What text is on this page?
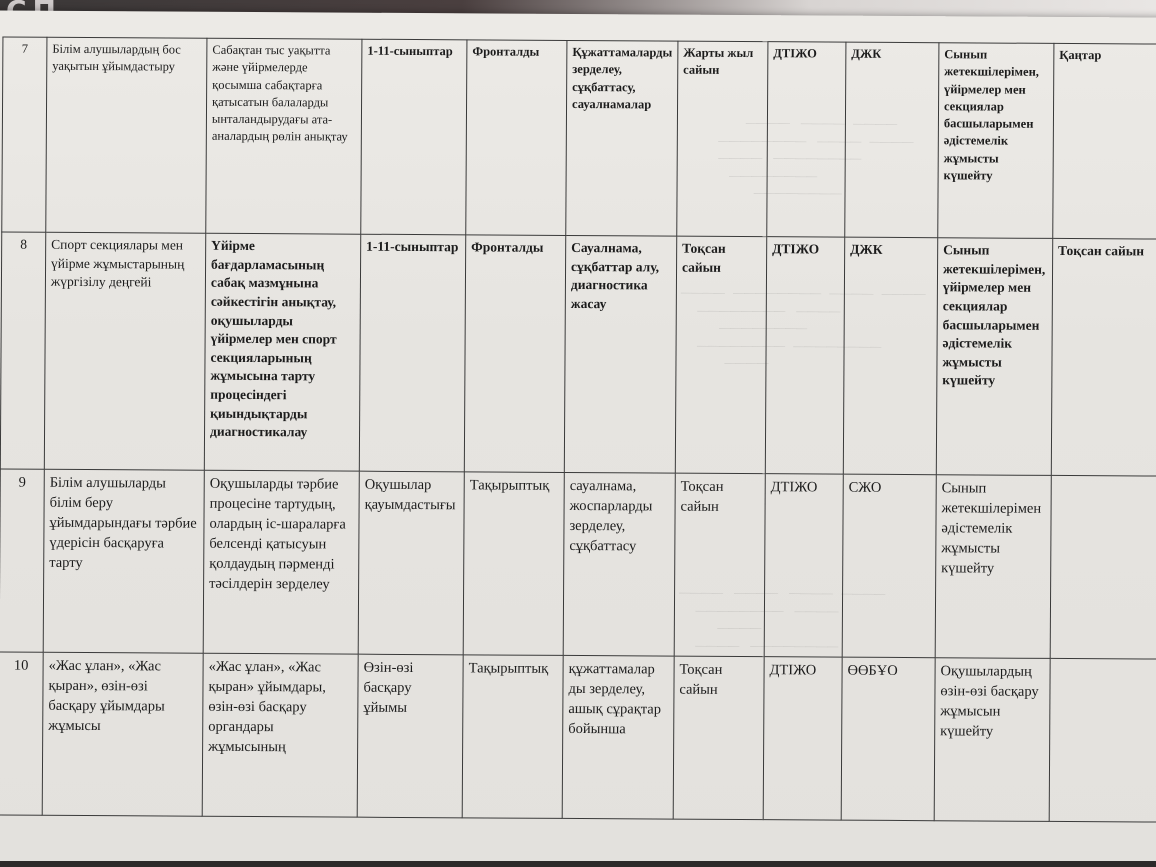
————    ————   ————
————————    ————   ————
————    ————————
————————
————————
————   ————————   ————   ————
————————    ————
————————
————————   ————————
————
————    ————    ————   ————
————————    ————
————
————    ————————
7	Білім алушылардың бос уақытын ұйымдастыру	Сабақтан тыс уақытта және үйірмелерде қосымша сабақтарға қатысатын балаларды ынталандырудағы ата-аналардың рөлін анықтау	1-11-сыныптар	Фронталды	Құжаттамаларды зерделеу, сұқбаттасу, сауалнамалар	Жарты жыл сайын	ДТІЖО	ДЖК	Сынып жетекшілерімен, үйірмелер мен секциялар басшыларымен әдістемелік жұмысты күшейту	Қаңтар
8	Спорт секциялары мен үйірме жұмыстарының жүргізілу деңгейі	Үйірме бағдарламасының сабақ мазмұнына сәйкестігін анықтау, оқушыларды үйірмелер мен спорт секцияларының жұмысына тарту процесіндегі қиындықтарды диагностикалау	1-11-сыныптар	Фронталды	Сауалнама, сұқбаттар алу, диагностика жасау	Тоқсан сайын	ДТІЖО	ДЖК	Сынып жетекшілерімен, үйірмелер мен секциялар басшыларымен әдістемелік жұмысты күшейту	Тоқсан сайын
9	Білім алушыларды білім беру ұйымдарындағы тәрбие үдерісін басқаруға тарту	Оқушыларды тәрбие процесіне тартудың, олардың іс-шараларға белсенді қатысуын қолдаудың пәрменді тәсілдерін зерделеу	Оқушылар қауымдастығы	Тақырыптық	сауалнама, жоспарларды зерделеу, сұқбаттасу	Тоқсан сайын	ДТІЖО	СЖО	Сынып жетекшілерімен әдістемелік жұмысты күшейту	
10	«Жас ұлан», «Жас қыран», өзін-өзі басқару ұйымдары жұмысы	«Жас ұлан», «Жас қыран» ұйымдары, өзін-өзі басқару органдары жұмысының	Өзін-өзі басқару ұйымы	Тақырыптық	құжаттамалар ды зерделеу, ашық сұрақтар бойынша	Тоқсан сайын	ДТІЖО	ӨӨБҰО	Оқушылардың өзін-өзі басқару жұмысын күшейту	
